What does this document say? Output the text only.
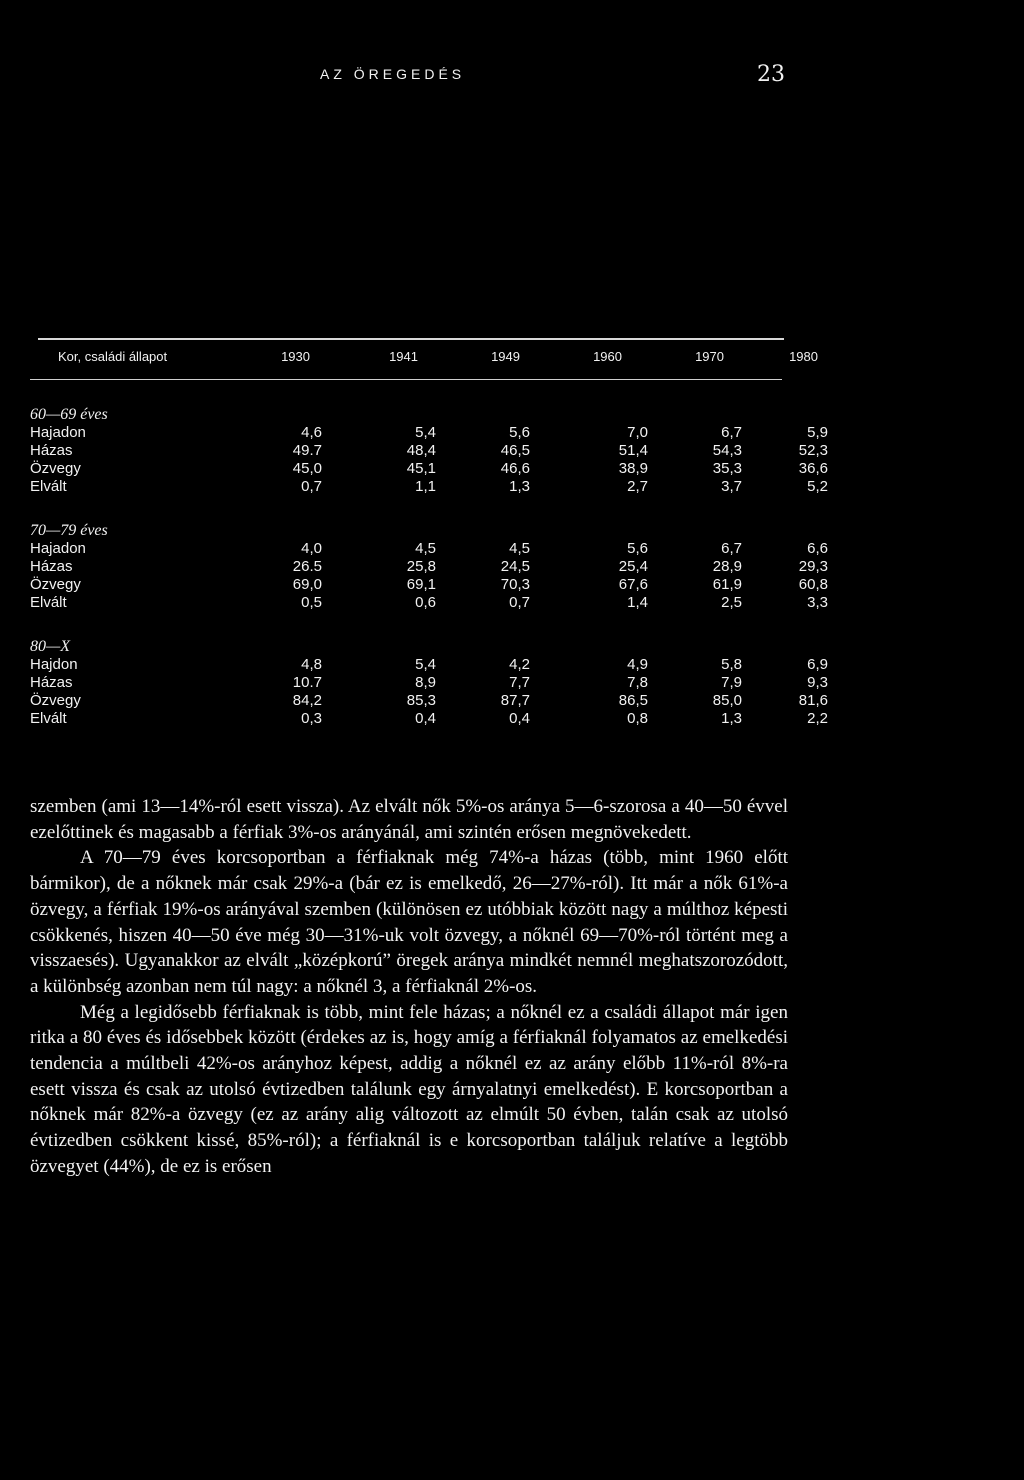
AZ ÖREGEDÉS	23
Kor, családi állapot	1930	1941	1949	1960	1970	1980
60—69 éves
Hajadon	4,6	5,4	5,6	7,0	6,7	5,9
Házas	49.7	48,4	46,5	51,4	54,3	52,3
Özvegy	45,0	45,1	46,6	38,9	35,3	36,6
Elvált	0,7	1,1	1,3	2,7	3,7	5,2
70—79 éves
Hajadon	4,0	4,5	4,5	5,6	6,7	6,6
Házas	26.5	25,8	24,5	25,4	28,9	29,3
Özvegy	69,0	69,1	70,3	67,6	61,9	60,8
Elvált	0,5	0,6	0,7	1,4	2,5	3,3
80—X
Hajdon	4,8	5,4	4,2	4,9	5,8	6,9
Házas	10.7	8,9	7,7	7,8	7,9	9,3
Özvegy	84,2	85,3	87,7	86,5	85,0	81,6
Elvált	0,3	0,4	0,4	0,8	1,3	2,2

szemben (ami 13—14%-ról esett vissza). Az elvált nők 5%-os aránya 5—6-szorosa a 40—50 évvel ezelőttinek és magasabb a férfiak 3%-os arányánál, ami szintén erősen megnövekedett.

A 70—79 éves korcsoportban a férfiaknak még 74%-a házas (több, mint 1960 előtt bármikor), de a nőknek már csak 29%-a (bár ez is emelkedő, 26—27%-ról). Itt már a nők 61%-a özvegy, a férfiak 19%-os arányával szemben (különösen ez utóbbiak között nagy a múlthoz képesti csökkenés, hiszen 40—50 éve még 30—31%-uk volt özvegy, a nőknél 69—70%-ról történt meg a visszaesés). Ugyanakkor az elvált „középkorú” öregek aránya mindkét nemnél meghatszorozódott, a különbség azonban nem túl nagy: a nőknél 3, a férfiaknál 2%-os.

Még a legidősebb férfiaknak is több, mint fele házas; a nőknél ez a családi állapot már igen ritka a 80 éves és idősebbek között (érdekes az is, hogy amíg a férfiaknál folyamatos az emelkedési tendencia a múltbeli 42%-os arányhoz képest, addig a nőknél ez az arány előbb 11%-ról 8%-ra esett vissza és csak az utolsó évtizedben találunk egy árnyalatnyi emelkedést). E korcsoportban a nőknek már 82%-a özvegy (ez az arány alig változott az elmúlt 50 évben, talán csak az utolsó évtizedben csökkent kissé, 85%-ról); a férfiaknál is e korcsoportban találjuk relatíve a legtöbb özvegyet (44%), de ez is erősen
